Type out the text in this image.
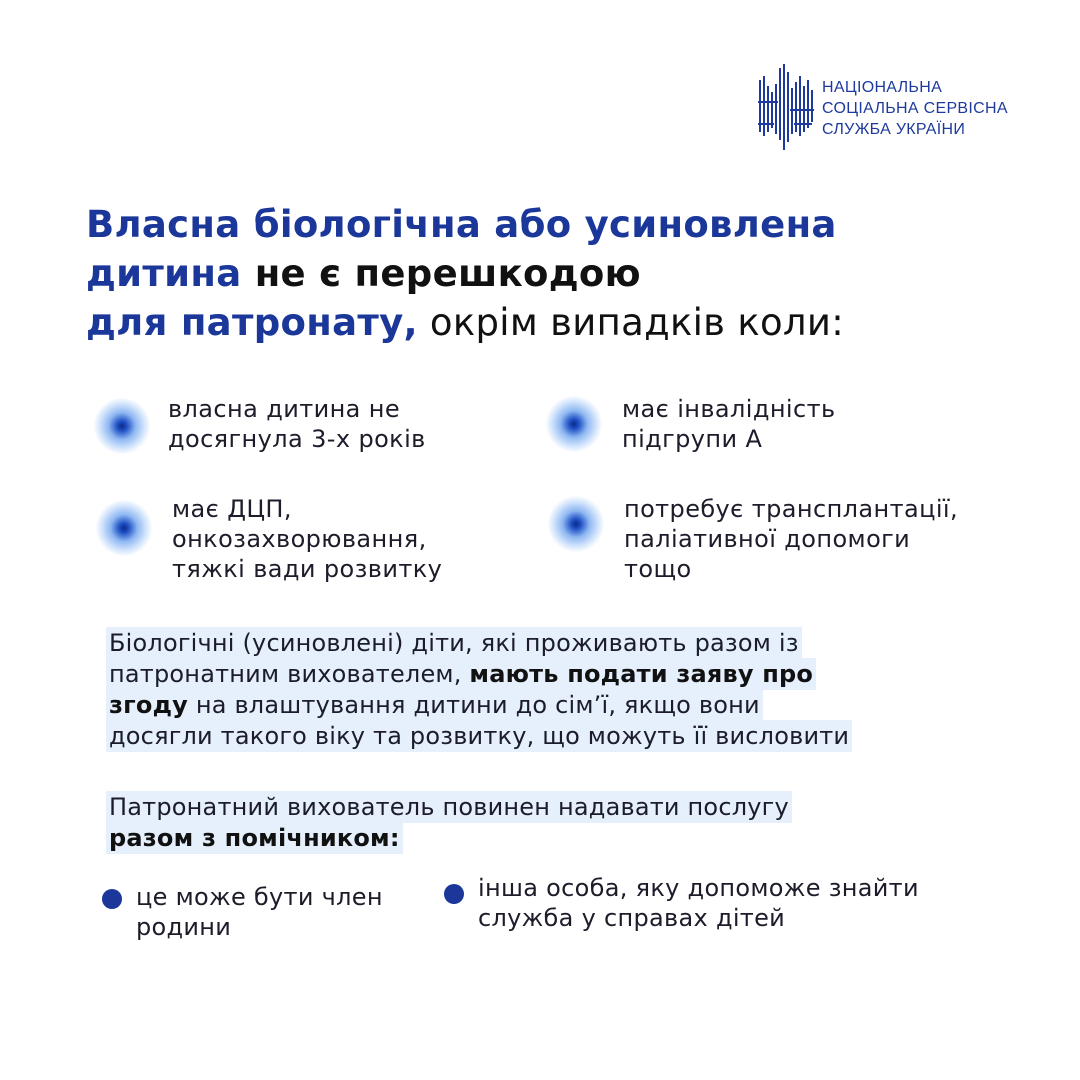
НАЦІОНАЛЬНА
СОЦІАЛЬНА СЕРВІСНА
СЛУЖБА УКРАЇНИ
Власна біологічна або усиновлена
дитина не є перешкодою
для патронату, окрім випадків коли:
власна дитина не
досягнула 3-х років
має інвалідність
підгрупи А
має ДЦП,
онкозахворювання,
тяжкі вади розвитку
потребує трансплантації,
паліативної допомоги
тощо
Біологічні (усиновлені) діти, які проживають разом із
патронатним вихователем, мають подати заяву про
згоду на влаштування дитини до сім’ї, якщо вони
досягли такого віку та розвитку, що можуть її висловити
Патронатний вихователь повинен надавати послугу
разом з помічником:
це може бути член
родини
інша особа, яку допоможе знайти
служба у справах дітей
